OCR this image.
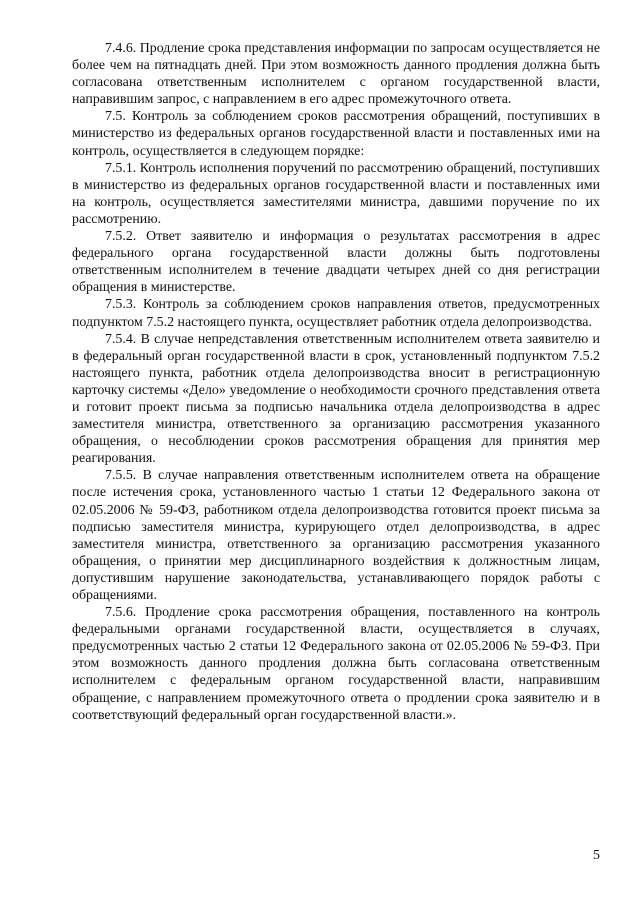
7.4.6. Продление срока представления информации по запросам осуществляется не более чем на пятнадцать дней. При этом возможность данного продления должна быть согласована ответственным исполнителем с органом государственной власти, направившим запрос, с направлением в его адрес промежуточного ответа.

7.5. Контроль за соблюдением сроков рассмотрения обращений, поступивших в министерство из федеральных органов государственной власти и поставленных ими на контроль, осуществляется в следующем порядке:

7.5.1. Контроль исполнения поручений по рассмотрению обращений, поступивших в министерство из федеральных органов государственной власти и поставленных ими на контроль, осуществляется заместителями министра, давшими поручение по их рассмотрению.

7.5.2. Ответ заявителю и информация о результатах рассмотрения в адрес федерального органа государственной власти должны быть подготовлены ответственным исполнителем в течение двадцати четырех дней со дня регистрации обращения в министерстве.

7.5.3. Контроль за соблюдением сроков направления ответов, предусмотренных подпунктом 7.5.2 настоящего пункта, осуществляет работник отдела делопроизводства.

7.5.4. В случае непредставления ответственным исполнителем ответа заявителю и в федеральный орган государственной власти в срок, установленный подпунктом 7.5.2 настоящего пункта, работник отдела делопроизводства вносит в регистрационную карточку системы «Дело» уведомление о необходимости срочного представления ответа и готовит проект письма за подписью начальника отдела делопроизводства в адрес заместителя министра, ответственного за организацию рассмотрения указанного обращения, о несоблюдении сроков рассмотрения обращения для принятия мер реагирования.

7.5.5. В случае направления ответственным исполнителем ответа на обращение после истечения срока, установленного частью 1 статьи 12 Федерального закона от 02.05.2006 № 59-ФЗ, работником отдела делопроизводства готовится проект письма за подписью заместителя министра, курирующего отдел делопроизводства, в адрес заместителя министра, ответственного за организацию рассмотрения указанного обращения, о принятии мер дисциплинарного воздействия к должностным лицам, допустившим нарушение законодательства, устанавливающего порядок работы с обращениями.

7.5.6. Продление срока рассмотрения обращения, поставленного на контроль федеральными органами государственной власти, осуществляется в случаях, предусмотренных частью 2 статьи 12 Федерального закона от 02.05.2006 № 59-ФЗ. При этом возможность данного продления должна быть согласована ответственным исполнителем с федеральным органом государственной власти, направившим обращение, с направлением промежуточного ответа о продлении срока заявителю и в соответствующий федеральный орган государственной власти.».

5
